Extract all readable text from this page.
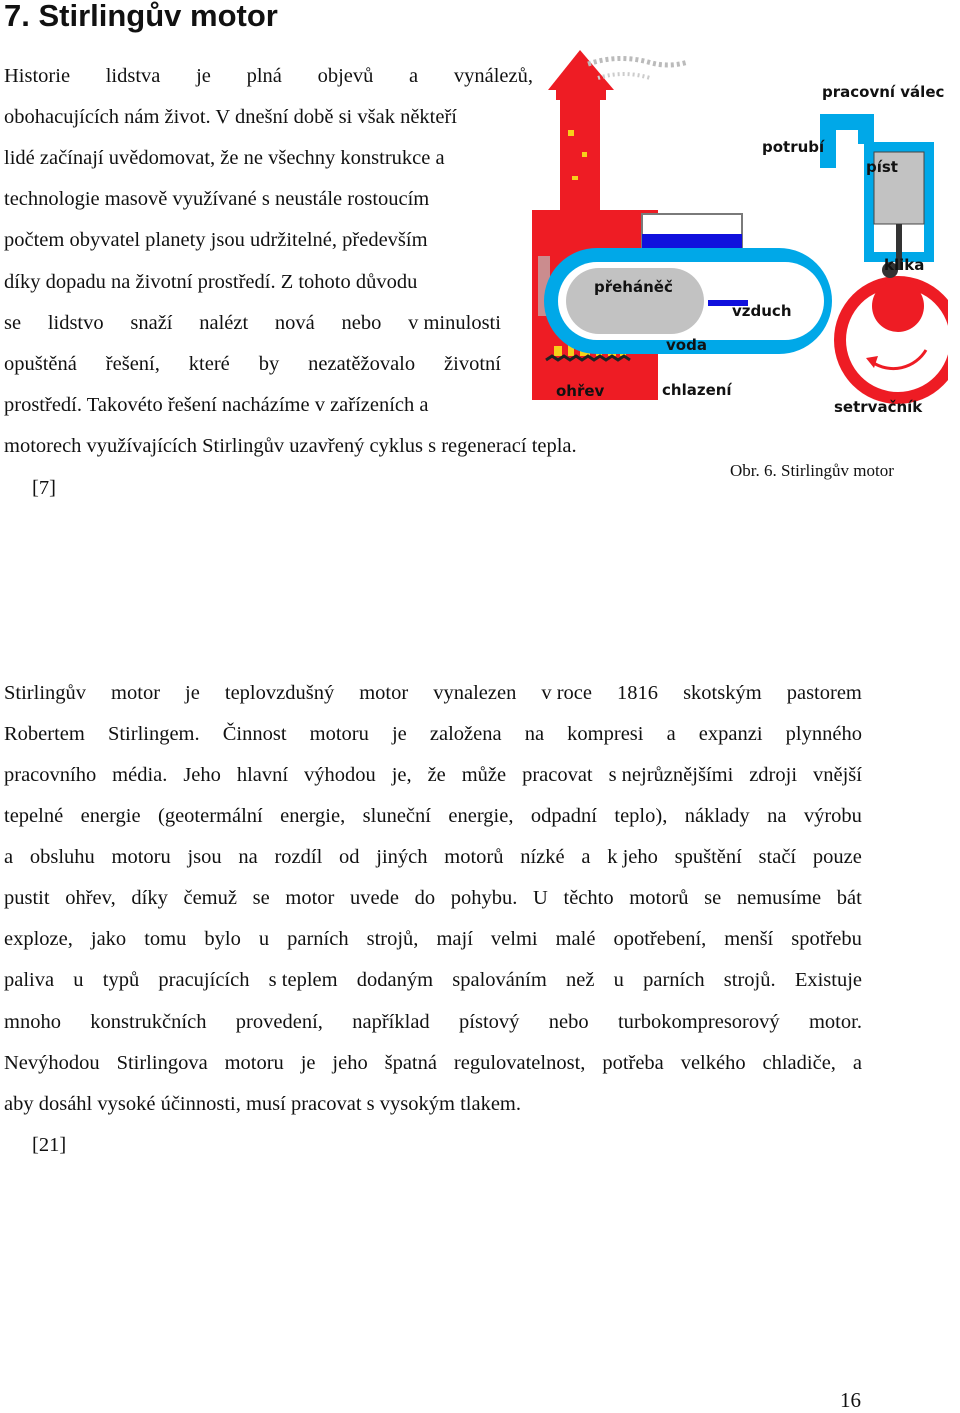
7. Stirlingův motor
Historie lidstva je plná objevů a vynálezů,
obohacujících nám život. V dnešní době si však někteří
lidé začínají uvědomovat, že ne všechny konstrukce a
technologie masově využívané s neustále rostoucím
počtem obyvatel planety jsou udržitelné, především
díky dopadu na životní prostředí. Z tohoto důvodu
se lidstvo snaží nalézt nová nebo v minulosti
opuštěná řešení, které by nezatěžovalo životní
prostředí. Takovéto řešení nacházíme v zařízeních a
motorech využívajících Stirlingův uzavřený cyklus s regenerací tepla.
[7]
pracovní válec
potrubí
píst
přeháněč
klika
vzduch
voda
ohřev	chlazení
setrvačník
Obr. 6. Stirlingův motor
Stirlingův motor je teplovzdušný motor vynalezen v roce 1816 skotským pastorem
Robertem Stirlingem. Činnost motoru je založena na kompresi a expanzi plynného
pracovního média. Jeho hlavní výhodou je, že může pracovat s nejrůznějšími zdroji vnější
tepelné energie (geotermální energie, sluneční energie, odpadní teplo), náklady na výrobu
a obsluhu motoru jsou na rozdíl od jiných motorů nízké a k jeho spuštění stačí pouze
pustit ohřev, díky čemuž se motor uvede do pohybu. U těchto motorů se nemusíme bát
exploze, jako tomu bylo u parních strojů, mají velmi malé opotřebení, menší spotřebu
paliva u typů pracujících s teplem dodaným spalováním než u parních strojů. Existuje
mnoho konstrukčních provedení, například pístový nebo turbokompresorový motor.
Nevýhodou Stirlingova motoru je jeho špatná regulovatelnost, potřeba velkého chladiče, a
aby dosáhl vysoké účinnosti, musí pracovat s vysokým tlakem.
[21]
16
